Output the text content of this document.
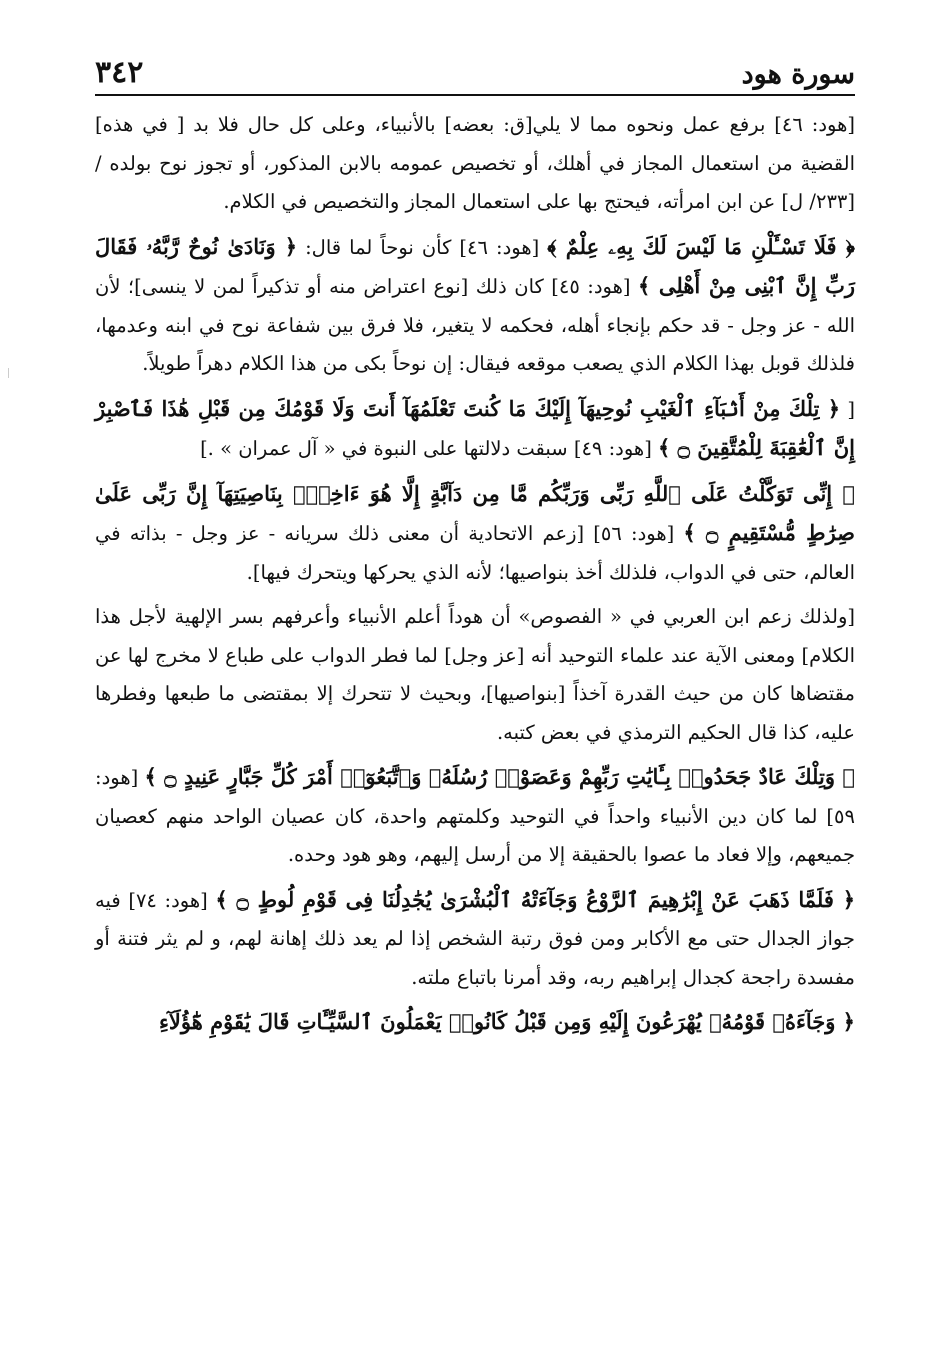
سورة هود
٣٤٢

[هود: ٤٦] برفع عمل ونحوه مما لا يلي[ق: بعضه] بالأنبياء، وعلى كل حال فلا بد [ في هذه] القضية من استعمال المجاز في أهلك، أو تخصيص عمومه بالابن المذكور، أو تجوز نوح بولده / [٢٣٣/ ل] عن ابن امرأته، فيحتج بها على استعمال المجاز والتخصيص في الكلام.

﴿ فَلَا تَسْـَٔلْنِ مَا لَيْسَ لَكَ بِهِۦ عِلْمٌ ﴾ [هود: ٤٦] كأن نوحاً لما قال: ﴿ وَنَادَىٰ نُوحٌ رَّبَّهُۥ فَقَالَ رَبِّ إِنَّ ٱبْنِى مِنْ أَهْلِى ﴾ [هود: ٤٥] كان ذلك [نوع اعتراض منه أو تذكيراً لمن لا ينسى]؛ لأن الله - عز وجل - قد حكم بإنجاء أهله، فحكمه لا يتغير، فلا فرق بين شفاعة نوح في ابنه وعدمها، فلذلك قوبل بهذا الكلام الذي يصعب موقعه فيقال: إن نوحاً بكى من هذا الكلام دهراً طويلاً.

[ ﴿ تِلْكَ مِنْ أَنۢبَآءِ ٱلْغَيْبِ نُوحِيهَآ إِلَيْكَ مَا كُنتَ تَعْلَمُهَآ أَنتَ وَلَا قَوْمُكَ مِن قَبْلِ هَٰذَا فَٱصْبِرْ إِنَّ ٱلْعَٰقِبَةَ لِلْمُتَّقِينَ ۝ ﴾ [هود: ٤٩] سبقت دلالتها على النبوة في « آل عمران » .]

﴿ إِنِّى تَوَكَّلْتُ عَلَى ٱللَّهِ رَبِّى وَرَبِّكُم مَّا مِن دَآبَّةٍ إِلَّا هُوَ ءَاخِذٌۢ بِنَاصِيَتِهَآ إِنَّ رَبِّى عَلَىٰ صِرَٰطٍ مُّسْتَقِيمٍ ۝ ﴾ [هود: ٥٦] [زعم الاتحادية أن معنى ذلك سريانه - عز وجل - بذاته في العالم، حتى في الدواب، فلذلك أخذ بنواصيها؛ لأنه الذي يحركها ويتحرك فيها].

[ولذلك زعم ابن العربي في « الفصوص» أن هوداً أعلم الأنبياء وأعرفهم بسر الإلهية لأجل هذا الكلام] ومعنى الآية عند علماء التوحيد أنه [عز وجل] لما فطر الدواب على طباع لا مخرج لها عن مقتضاها كان من حيث القدرة آخذاً [بنواصيها]، وبحيث لا تتحرك إلا بمقتضى ما طبعها وفطرها عليه، كذا قال الحكيم الترمذي في بعض كتبه.

﴿ وَتِلْكَ عَادٌ جَحَدُوا۟ بِـَٔايَٰتِ رَبِّهِمْ وَعَصَوْا۟ رُسُلَهُۥ وَٱتَّبَعُوٓا۟ أَمْرَ كُلِّ جَبَّارٍ عَنِيدٍ ۝ ﴾ [هود: ٥٩] لما كان دين الأنبياء واحداً في التوحيد وكلمتهم واحدة، كان عصيان الواحد منهم كعصيان جميعهم، وإلا فعاد ما عصوا بالحقيقة إلا من أرسل إليهم، وهو هود وحده.

﴿ فَلَمَّا ذَهَبَ عَنْ إِبْرَٰهِيمَ ٱلرَّوْعُ وَجَآءَتْهُ ٱلْبُشْرَىٰ يُجَٰدِلُنَا فِى قَوْمِ لُوطٍ ۝ ﴾ [هود: ٧٤] فيه جواز الجدال حتى مع الأكابر ومن فوق رتبة الشخص إذا لم يعد ذلك إهانة لهم، و لم يثر فتنة أو مفسدة راجحة كجدال إبراهيم ربه، وقد أمرنا باتباع ملته.

﴿ وَجَآءَهُۥ قَوْمُهُۥ يُهْرَعُونَ إِلَيْهِ وَمِن قَبْلُ كَانُوا۟ يَعْمَلُونَ ٱلسَّيِّـَٔاتِ قَالَ يَٰقَوْمِ هَٰٓؤُلَآءِ
